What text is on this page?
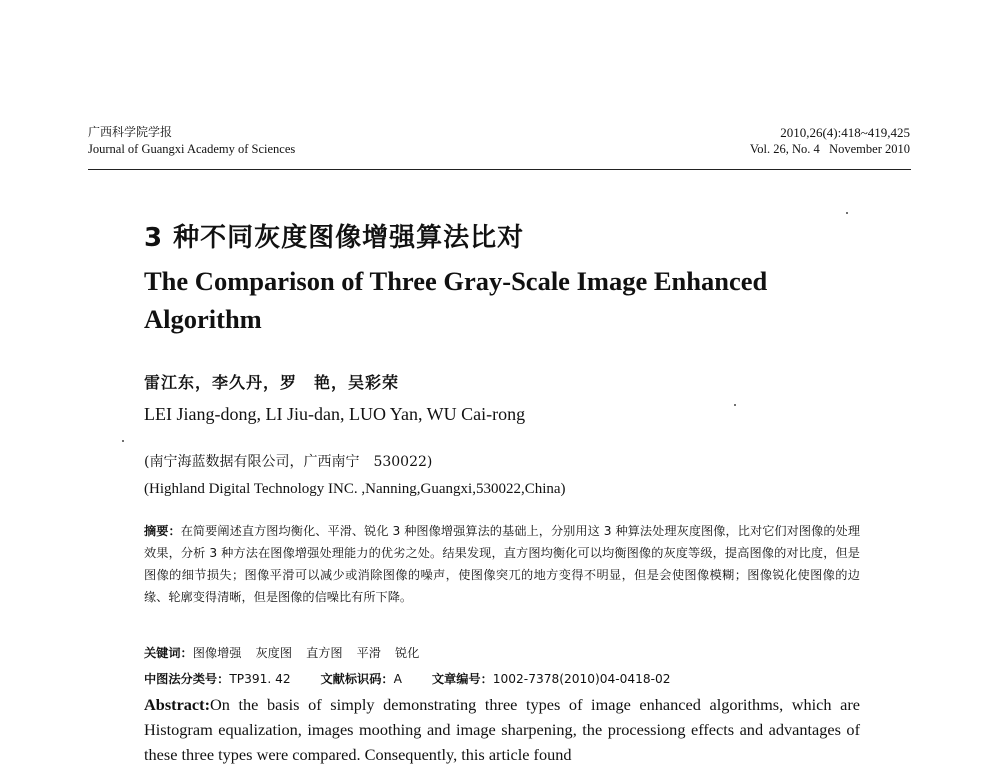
广西科学院学报
Journal of Guangxi Academy of Sciences
2010,26(4):418~419,425
Vol. 26, No. 4   November 2010
3 种不同灰度图像增强算法比对
The Comparison of Three Gray-Scale Image Enhanced Algorithm
雷江东，李久丹，罗　艳，吴彩荣
LEI Jiang-dong, LI Jiu-dan, LUO Yan, WU Cai-rong
(南宁海蓝数据有限公司，广西南宁　530022)
(Highland Digital Technology INC. ,Nanning,Guangxi,530022,China)
摘要：在简要阐述直方图均衡化、平滑、锐化 3 种图像增强算法的基础上，分别用这 3 种算法处理灰度图像，比对它们对图像的处理效果，分析 3 种方法在图像增强处理能力的优劣之处。结果发现，直方图均衡化可以均衡图像的灰度等级，提高图像的对比度，但是图像的细节损失；图像平滑可以减少或消除图像的噪声，使图像突兀的地方变得不明显，但是会使图像模糊；图像锐化使图像的边缘、轮廓变得清晰，但是图像的信噪比有所下降。
关键词：图像增强 灰度图 直方图 平滑 锐化
中图法分类号：TP391. 42 文献标识码：A 文章编号：1002-7378(2010)04-0418-02
Abstract:On the basis of simply demonstrating three types of image enhanced algorithms, which are Histogram equalization, images moothing and image sharpening, the processiong effects and advantages of these three types were compared. Consequently, this article found
